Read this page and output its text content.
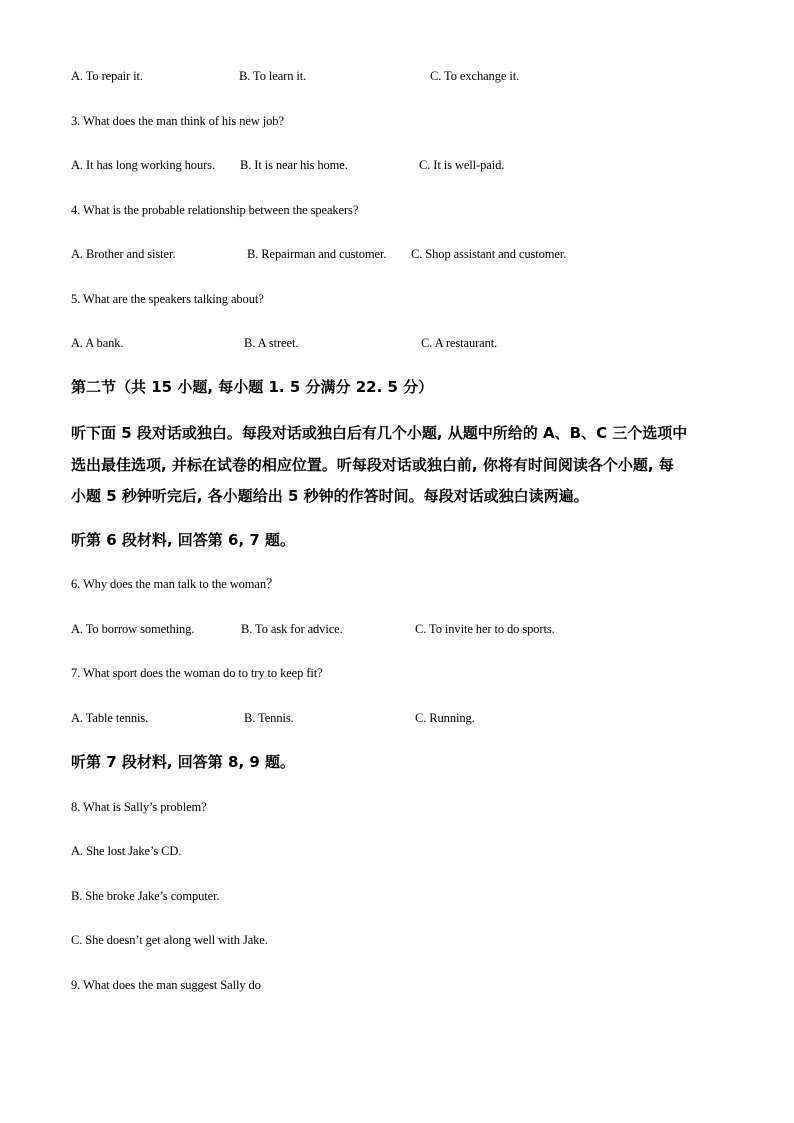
A. To repair it.	B. To learn it.	C. To exchange it.
3. What does the man think of his new job?
A. It has long working hours. B. It is near his home.	C. It is well-paid.
4. What is the probable relationship between the speakers?
A. Brother and sister.	B. Repairman and customer. C. Shop assistant and customer.
5. What are the speakers talking about?
A. A bank.	B. A street.	C. A restaurant.
第二节（共 15 小题, 每小题 1. 5 分满分 22. 5 分）
听下面 5 段对话或独白。每段对话或独白后有几个小题, 从题中所给的 A、B、C 三个选项中
选出最佳选项, 并标在试卷的相应位置。听每段对话或独白前, 你将有时间阅读各个小题, 每
小题 5 秒钟听完后, 各小题给出 5 秒钟的作答时间。每段对话或独白读两遍。
听第 6 段材料, 回答第 6, 7 题。
6. Why does the man talk to the woman？
A. To borrow something.	B. To ask for advice.	C. To invite her to do sports.
7. What sport does the woman do to try to keep fit?
A. Table tennis.	B. Tennis.	C. Running.
听第 7 段材料, 回答第 8, 9 题。
8. What is Sally’s problem?
A. She lost Jake’s CD.
B. She broke Jake’s computer.
C. She doesn’t get along well with Jake.
9. What does the man suggest Sally do
